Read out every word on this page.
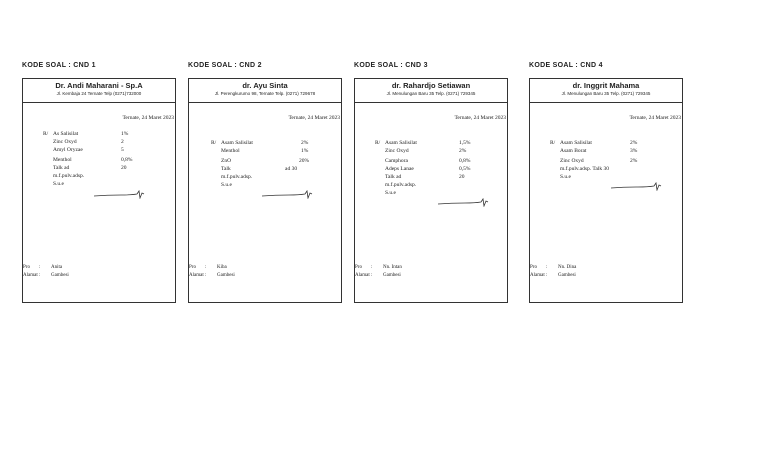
KODE SOAL : CND 1
Dr. Andi Maharani - Sp.A
Jl. Kembaja 24 Ternate Telp (0271)732000
Ternate, 24 Maret 2023
R/ As Salisilat	1%
Zinc Oxyd	2
Amyl Oryzae	5
Menthol	0,8%
Talk ad	20
m.f.pulv.adsp.
S.u.e
Pro : Anita
Alamat: Gambesi
KODE SOAL : CND 2
dr. Ayu Sinta
Jl. Perengkurumo 98, Ternate Telp. (0271) 729678
Ternate, 24 Maret 2023
R/ Asam Salisilat	2%
Menthol	1%
ZnO	20%
Talk	ad 30
m.f.pulv.adsp.
S.u.e
Pro : Kiba
Alamat: Gambesi
KODE SOAL : CND 3
dr. Rahardjo Setiawan
Jl. Menulungan Baru 35 Telp. (0271) 729345
Ternate, 24 Maret 2023
R/ Asam Salisilat	1,5%
Zinc Oxyd	2%
Camphora	0,8%
Adeps Lanae	0,5%
Talk ad	20
m.f.pulv.adsp.
S.u.e
Pro : Nn. Intan
Alamat: Gambesi
KODE SOAL : CND 4
dr. Inggrit Mahama
Jl. Menulungan Baru 35 Telp. (0271) 729345
Ternate, 24 Maret 2023
R/ Asam Salisilat	2%
Asam Borat	3%
Zinc Oxyd	2%
m.f.pulv.adsp. Talk 30
S.u.e
Pro : Nn. Dina
Alamat: Gambesi
